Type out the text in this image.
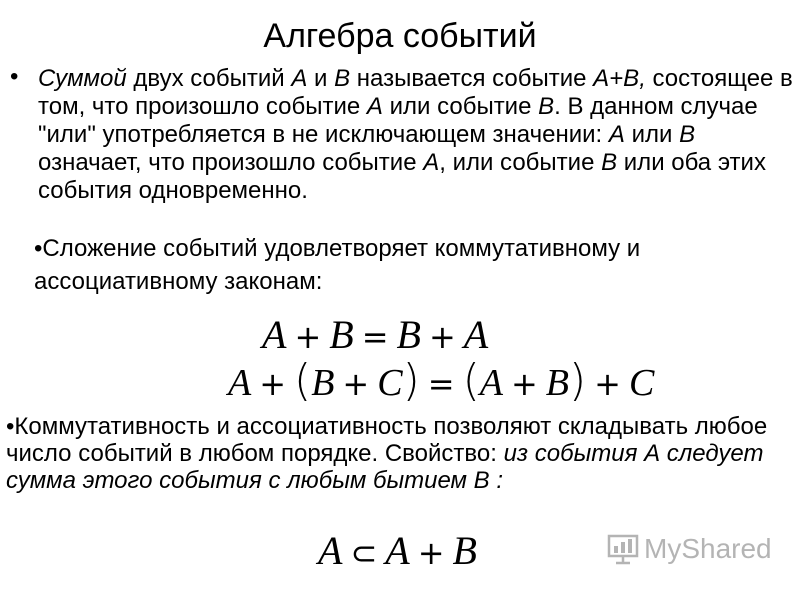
Алгебра событий
• Суммой двух событий А и В называется событие А+В, состоящее в том, что произошло событие А или событие В. В данном случае "или" употребляется в не исключающем значении: А или В означает, что произошло событие А, или событие В или оба этих события одновременно.
•Сложение событий удовлетворяет коммутативному и ассоциативному законам:
A + B = B + A
A + (B + C) = (A + B) + C
•Коммутативность и ассоциативность позволяют складывать любое число событий в любом порядке. Свойство: из события А следует сумма этого события с любым бытием В :
A ⊂ A + B	MyShared
